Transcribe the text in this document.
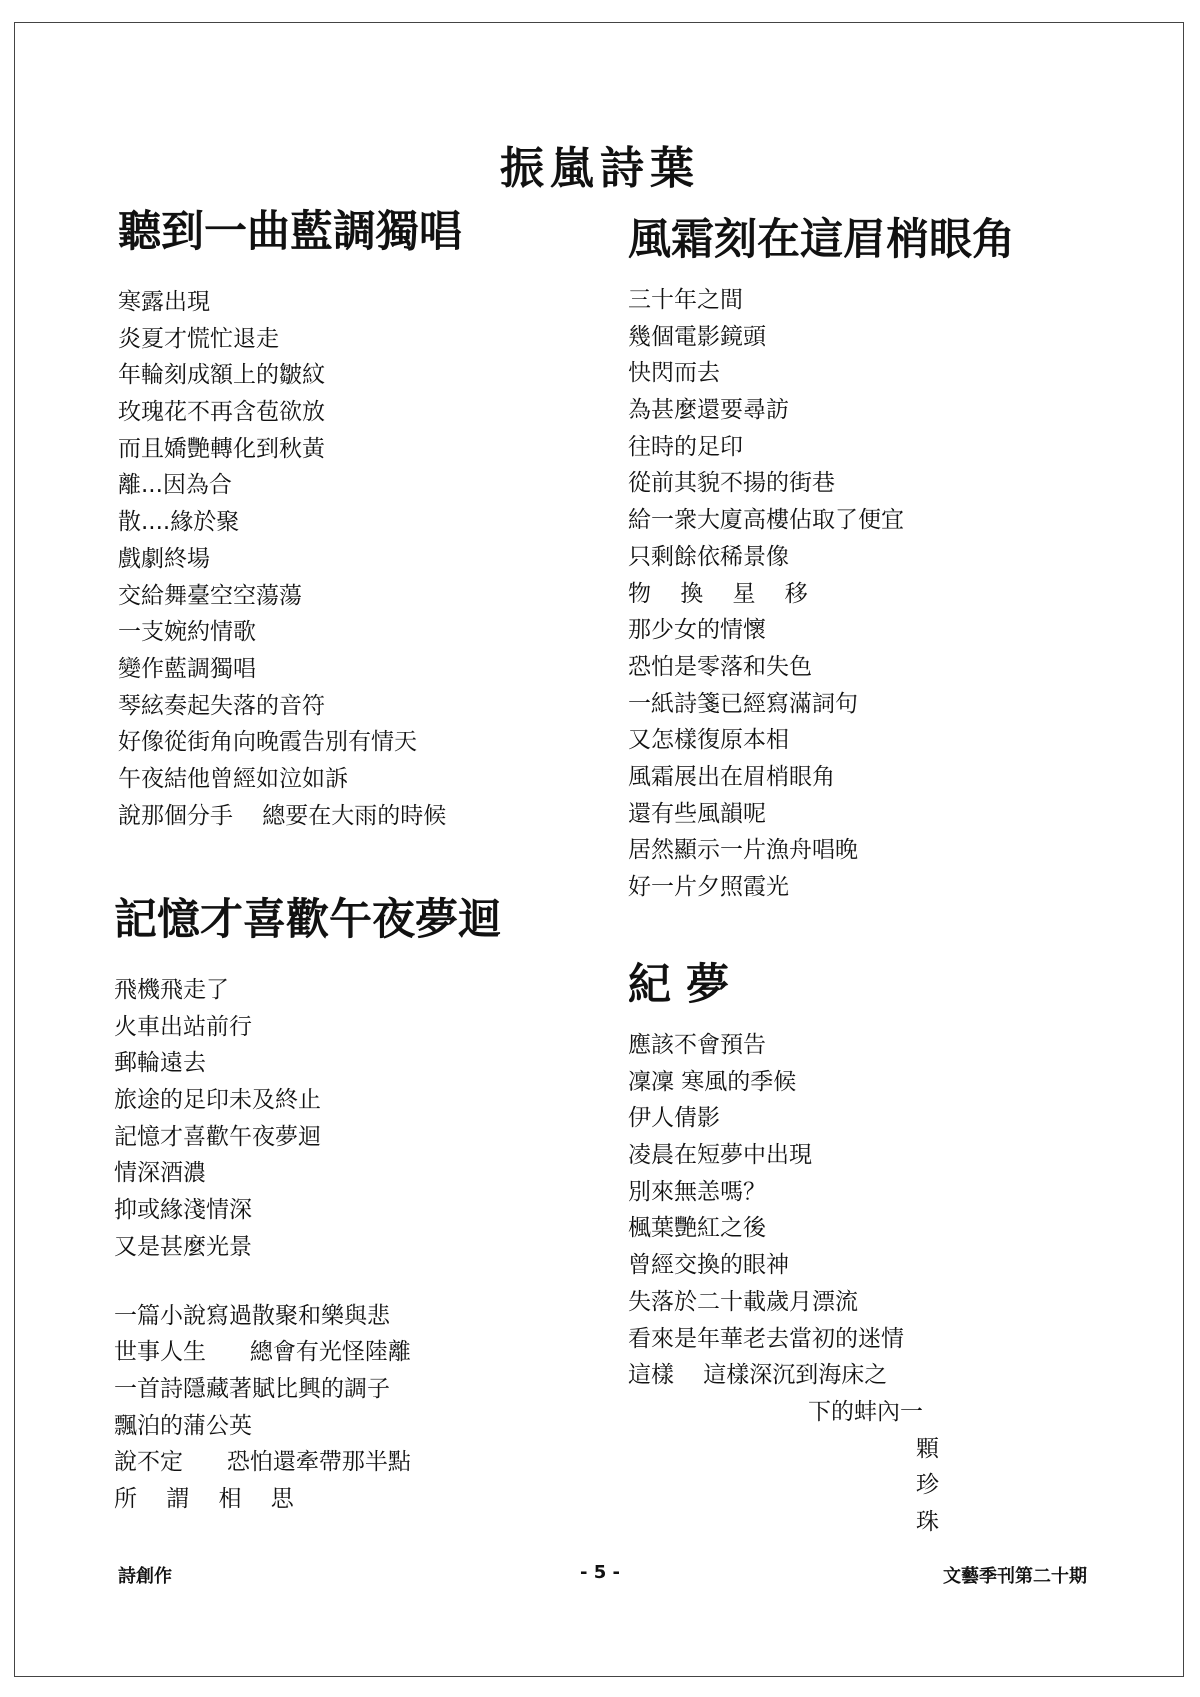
振嵐詩葉
聽到一曲藍調獨唱
寒露出現
炎夏才慌忙退走
年輪刻成額上的皺紋
玫瑰花不再含苞欲放
而且嬌艷轉化到秋黃
離...因為合
散....緣於聚
戲劇終場
交給舞臺空空蕩蕩
一支婉約情歌
變作藍調獨唱
琴絃奏起失落的音符
好像從街角向晚霞告別有情天
午夜結他曾經如泣如訴
說那個分手    總要在大雨的時候
記憶才喜歡午夜夢迴
飛機飛走了
火車出站前行
郵輪遠去
旅途的足印未及終止
記憶才喜歡午夜夢迴
情深酒濃
抑或緣淺情深
又是甚麼光景
一篇小說寫過散聚和樂與悲
世事人生      總會有光怪陸離
一首詩隱藏著賦比興的調子
飄泊的蒲公英
說不定      恐怕還牽帶那半點
所    謂    相    思
風霜刻在這眉梢眼角
三十年之間
幾個電影鏡頭
快閃而去
為甚麼還要尋訪
往時的足印
從前其貌不揚的街巷
給一衆大廈高樓佔取了便宜
只剩餘依稀景像
物    換    星    移
那少女的情懷
恐怕是零落和失色
一紙詩箋已經寫滿詞句
又怎樣復原本相
風霜展出在眉梢眼角
還有些風韻呢
居然顯示一片漁舟唱晚
好一片夕照霞光
紀 夢
應該不會預告
凜凜 寒風的季候
伊人倩影
凌晨在短夢中出現
別來無恙嗎？
楓葉艷紅之後
曾經交換的眼神
失落於二十載歲月漂流
看來是年華老去當初的迷情
這樣    這樣深沉到海床之
下的蚌內一
顆
珍
珠
詩創作	- 5 -	文藝季刊第二十期
